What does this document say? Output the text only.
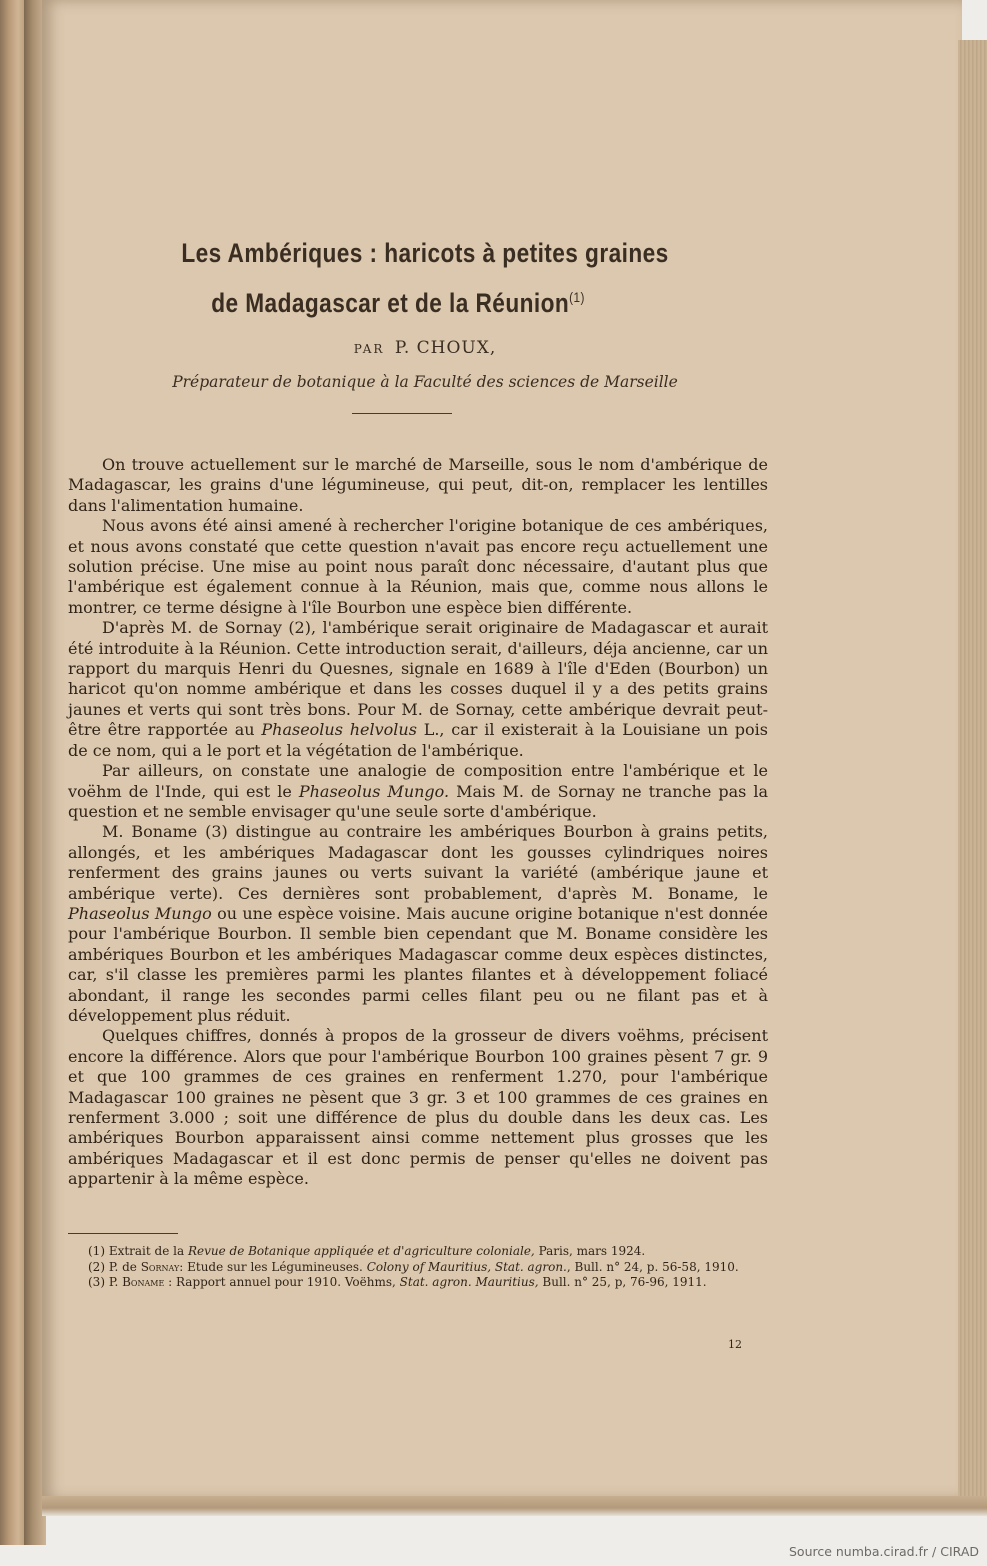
Les Ambériques : haricots à petites graines
de Madagascar et de la Réunion$^{(1)}$
PAR P. CHOUX,
Préparateur de botanique à la Faculté des sciences de Marseille

On trouve actuellement sur le marché de Marseille, sous le nom d'ambérique de Madagascar, les grains d'une légumineuse, qui peut, dit-on, remplacer les lentilles dans l'alimentation humaine.

Nous avons été ainsi amené à rechercher l'origine botanique de ces ambériques, et nous avons constaté que cette question n'avait pas encore reçu actuellement une solution précise. Une mise au point nous paraît donc nécessaire, d'autant plus que l'ambérique est également connue à la Réunion, mais que, comme nous allons le montrer, ce terme désigne à l'île Bourbon une espèce bien différente.

D'après M. de Sornay (2), l'ambérique serait originaire de Madagascar et aurait été introduite à la Réunion. Cette introduction serait, d'ailleurs, déja ancienne, car un rapport du marquis Henri du Quesnes, signale en 1689 à l'île d'Eden (Bourbon) un haricot qu'on nomme ambérique et dans les cosses duquel il y a des petits grains jaunes et verts qui sont très bons. Pour M. de Sornay, cette ambérique devrait peut-être être rapportée au Phaseolus helvolus L., car il existerait à la Louisiane un pois de ce nom, qui a le port et la végétation de l'ambérique.

Par ailleurs, on constate une analogie de composition entre l'ambérique et le voëhm de l'Inde, qui est le Phaseolus Mungo. Mais M. de Sornay ne tranche pas la question et ne semble envisager qu'une seule sorte d'ambérique.

M. Boname (3) distingue au contraire les ambériques Bourbon à grains petits, allongés, et les ambériques Madagascar dont les gousses cylindriques noires renferment des grains jaunes ou verts suivant la variété (ambérique jaune et ambérique verte). Ces dernières sont probablement, d'après M. Boname, le Phaseolus Mungo ou une espèce voisine. Mais aucune origine botanique n'est donnée pour l'ambérique Bourbon. Il semble bien cependant que M. Boname considère les ambériques Bourbon et les ambériques Madagascar comme deux espèces distinctes, car, s'il classe les premières parmi les plantes filantes et à développement foliacé abondant, il range les secondes parmi celles filant peu ou ne filant pas et à développement plus réduit.

Quelques chiffres, donnés à propos de la grosseur de divers voëhms, précisent encore la différence. Alors que pour l'ambérique Bourbon 100 graines pèsent 7 gr. 9 et que 100 grammes de ces graines en renferment 1.270, pour l'ambérique Madagascar 100 graines ne pèsent que 3 gr. 3 et 100 grammes de ces graines en renferment 3.000 ; soit une différence de plus du double dans les deux cas. Les ambériques Bourbon apparaissent ainsi comme nettement plus grosses que les ambériques Madagascar et il est donc permis de penser qu'elles ne doivent pas appartenir à la même espèce.

(1) Extrait de la Revue de Botanique appliquée et d'agriculture coloniale, Paris, mars 1924.

(2) P. de Sornay: Etude sur les Légumineuses. Colony of Mauritius, Stat. agron., Bull. n° 24, p. 56-58, 1910.

(3) P. Boname : Rapport annuel pour 1910. Voëhms, Stat. agron. Mauritius, Bull. n° 25, p, 76-96, 1911.

12
Source numba.cirad.fr / CIRAD
